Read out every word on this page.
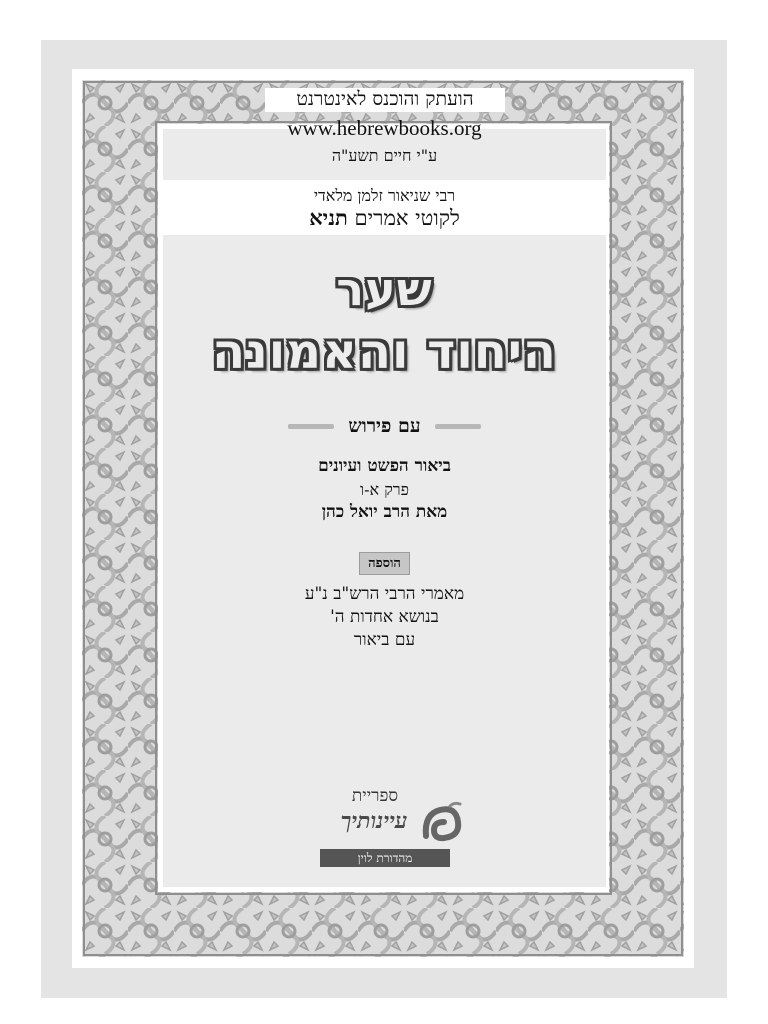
הועתק והוכנס לאינטרנט
www.hebrewbooks.org
ע"י חיים תשע"ה
רבי שניאור זלמן מלאדי
לקוטי אמרים תניא
שער
היחוד והאמונה
עם פירוש
ביאור הפשט ועיונים
פרק א-ו
מאת הרב יואל כהן
הוספה
מאמרי הרבי הרש"ב נ"ע
בנושא אחדות ה'
עם ביאור
ספריית
עיינותיך
מהדורת לוין
